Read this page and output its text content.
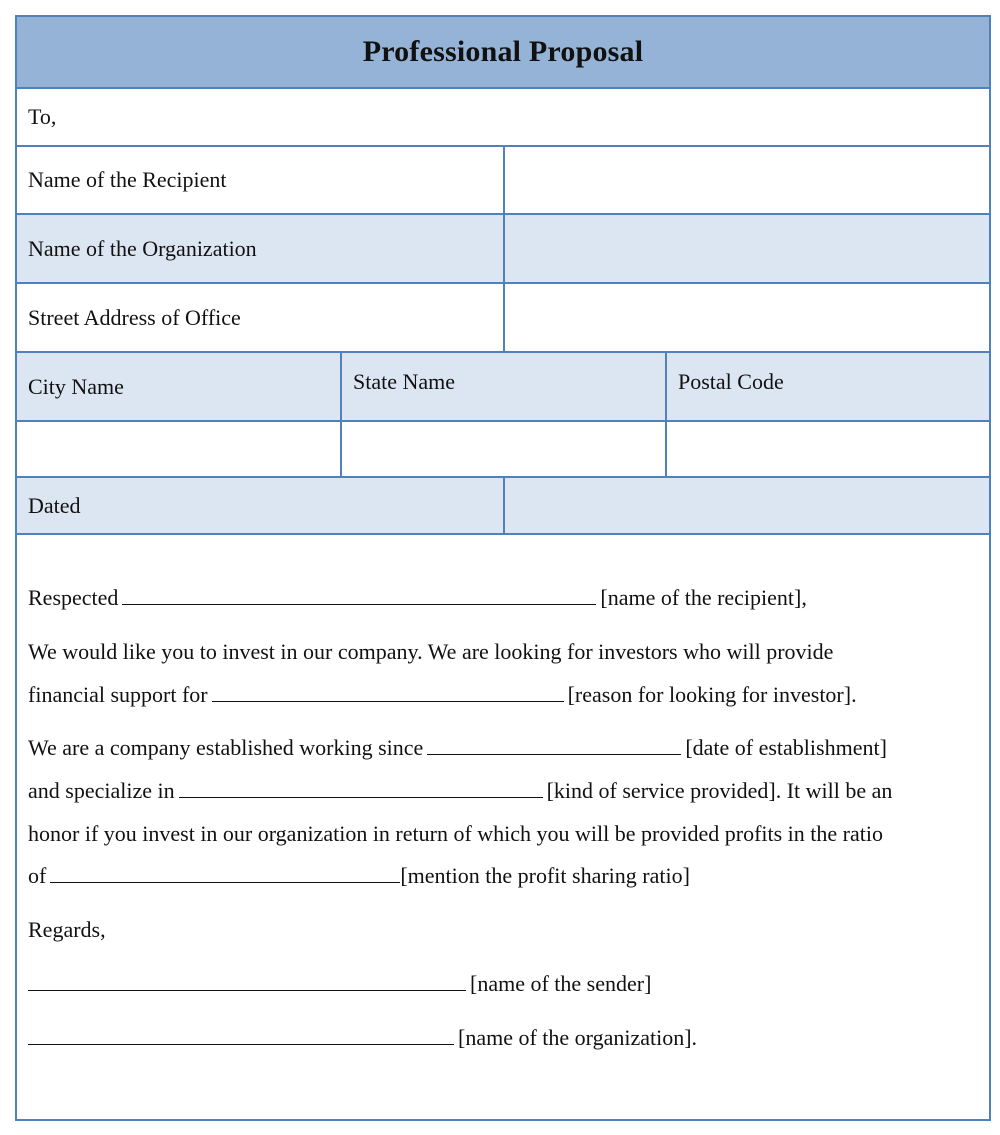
Professional Proposal
To,
Name of the Recipient
Name of the Organization
Street Address of Office
City Name	State Name	Postal Code
Dated
Respected	[name of the recipient],
We would like you to invest in our company. We are looking for investors who will provide
financial support for	[reason for looking for investor].
We are a company established working since	[date of establishment]
and specialize in	[kind of service provided]. It will be an
honor if you invest in our organization in return of which you will be provided profits in the ratio
of	[mention the profit sharing ratio]
Regards,
[name of the sender]
[name of the organization].
